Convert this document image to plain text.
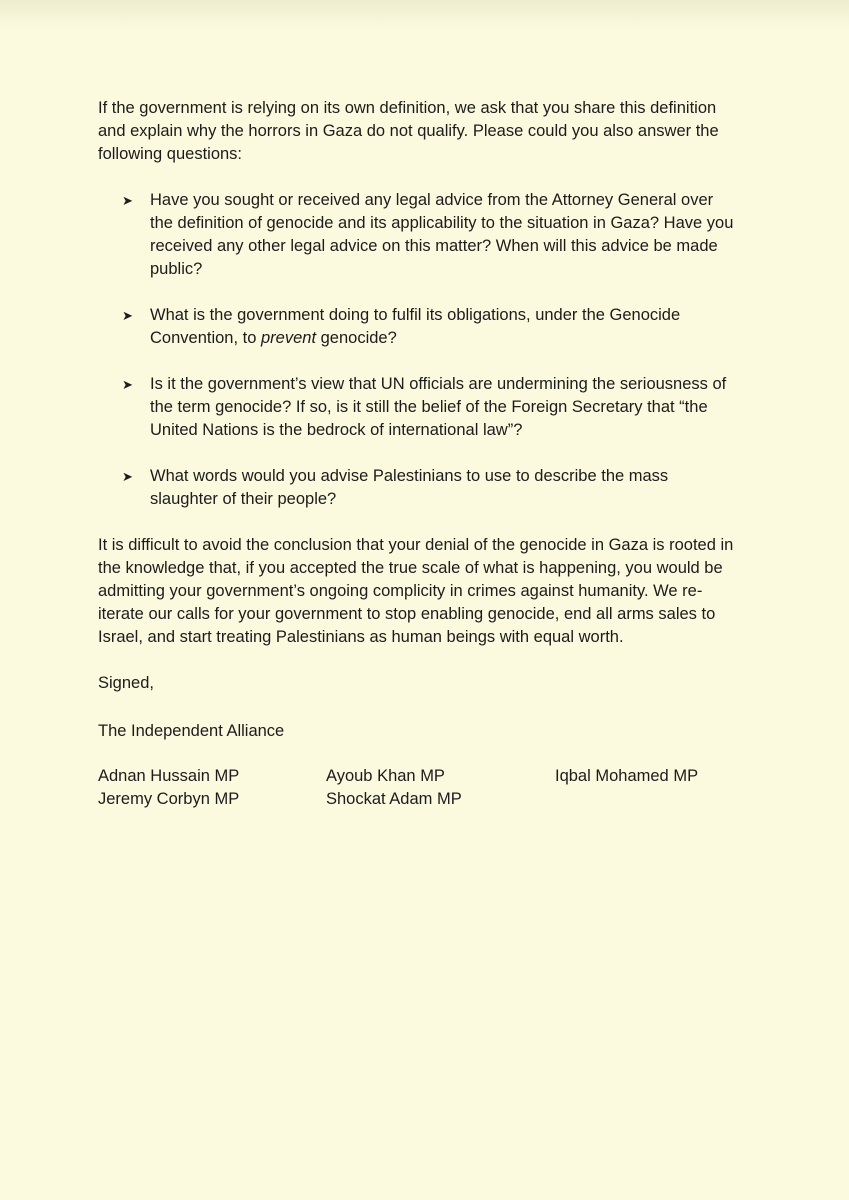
If the government is relying on its own definition, we ask that you share this definition and explain why the horrors in Gaza do not qualify. Please could you also answer the following questions:

➤ Have you sought or received any legal advice from the Attorney General over the definition of genocide and its applicability to the situation in Gaza? Have you received any other legal advice on this matter? When will this advice be made public?
➤ What is the government doing to fulfil its obligations, under the Genocide Convention, to prevent genocide?
➤ Is it the government’s view that UN officials are undermining the seriousness of the term genocide? If so, is it still the belief of the Foreign Secretary that “the United Nations is the bedrock of international law”?
➤ What words would you advise Palestinians to use to describe the mass slaughter of their people?

It is difficult to avoid the conclusion that your denial of the genocide in Gaza is rooted in the knowledge that, if you accepted the true scale of what is happening, you would be admitting your government’s ongoing complicity in crimes against humanity. We re-iterate our calls for your government to stop enabling genocide, end all arms sales to Israel, and start treating Palestinians as human beings with equal worth.

Signed,

The Independent Alliance

Adnan Hussain MP
Jeremy Corbyn MP
Ayoub Khan MP
Shockat Adam MP
Iqbal Mohamed MP
